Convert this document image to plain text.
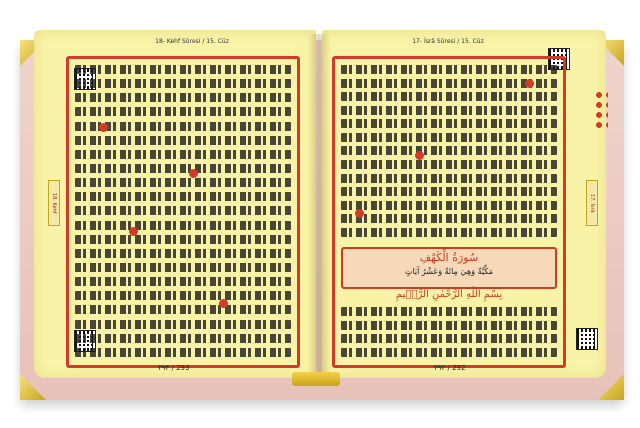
18- Kehf Sûresi / 15. Cüz
18. Kehf
٢٩٣ / 293
17- İsrâ Sûresi / 15. Cüz
سُورَةُ الْكَهْفِ
مَكِّيَّةٌ وَهِيَ مِائَةٌ وَعَشْرُ آيَاتٍ
بِسْمِ اللّٰهِ الرَّحْمٰنِ الرَّح۪يمِ
17. İsrâ
٢٩٢ / 292
